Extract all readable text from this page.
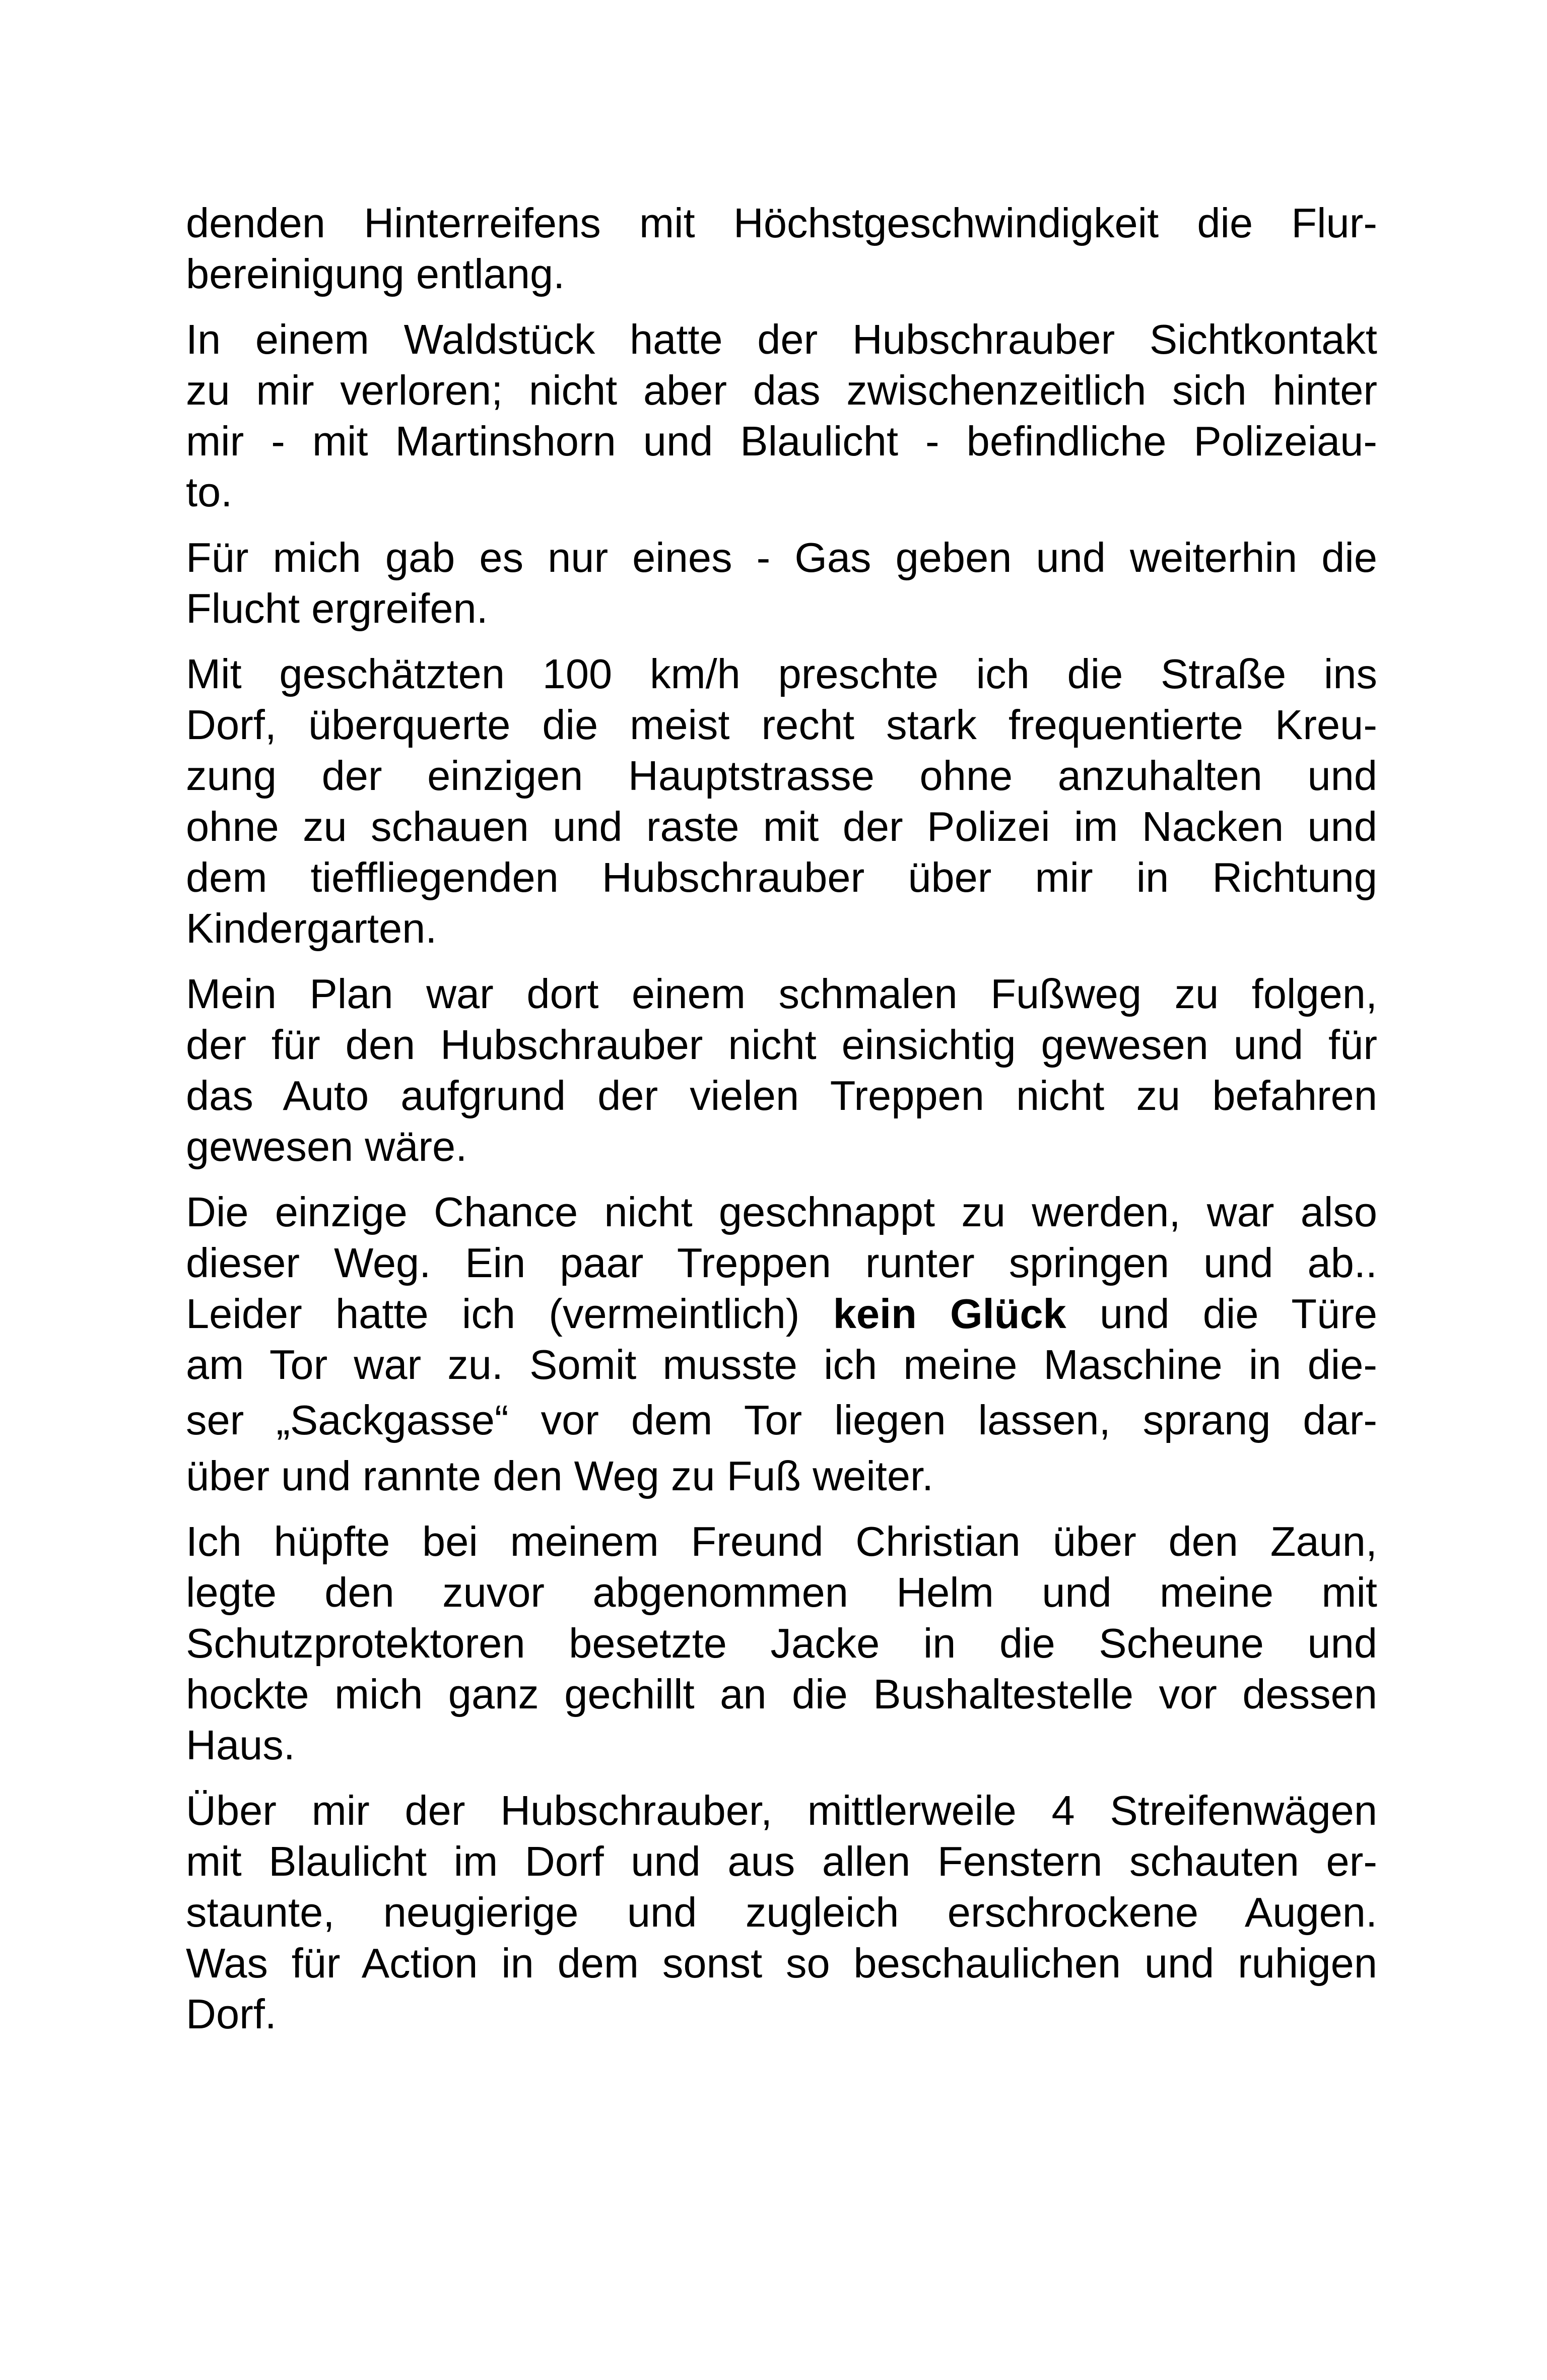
denden Hinterreifens mit Höchstgeschwindigkeit die Flur-
bereinigung entlang.

In einem Waldstück hatte der Hubschrauber Sichtkontakt
zu mir verloren; nicht aber das zwischenzeitlich sich hinter
mir - mit Martinshorn und Blaulicht - befindliche Polizeiau-
to.

Für mich gab es nur eines - Gas geben und weiterhin die
Flucht ergreifen.

Mit geschätzten 100 km/h preschte ich die Straße ins
Dorf, überquerte die meist recht stark frequentierte Kreu-
zung der einzigen Hauptstrasse ohne anzuhalten und
ohne zu schauen und raste mit der Polizei im Nacken und
dem tieffliegenden Hubschrauber über mir in Richtung
Kindergarten.

Mein Plan war dort einem schmalen Fußweg zu folgen,
der für den Hubschrauber nicht einsichtig gewesen und für
das Auto aufgrund der vielen Treppen nicht zu befahren
gewesen wäre.

Die einzige Chance nicht geschnappt zu werden, war also
dieser Weg. Ein paar Treppen runter springen und ab..
Leider hatte ich (vermeintlich) kein Glück und die Türe
am Tor war zu. Somit musste ich meine Maschine in die-
ser „Sackgasse“ vor dem Tor liegen lassen, sprang dar-
über und rannte den Weg zu Fuß weiter.

Ich hüpfte bei meinem Freund Christian über den Zaun,
legte den zuvor abgenommen Helm und meine mit
Schutzprotektoren besetzte Jacke in die Scheune und
hockte mich ganz gechillt an die Bushaltestelle vor dessen
Haus.

Über mir der Hubschrauber, mittlerweile 4 Streifenwägen
mit Blaulicht im Dorf und aus allen Fenstern schauten er-
staunte, neugierige und zugleich erschrockene Augen.
Was für Action in dem sonst so beschaulichen und ruhigen
Dorf.
